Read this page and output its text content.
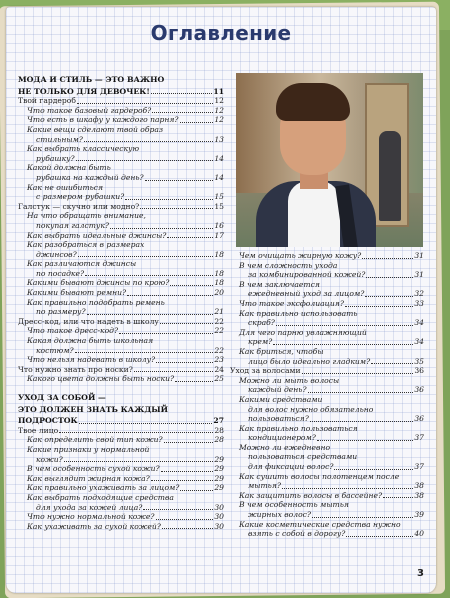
Оглавление
МОДА И СТИЛЬ — ЭТО ВАЖНО
НЕ ТОЛЬКО ДЛЯ ДЕВОЧЕК!	11
Твой гардероб	12
Что такое базовый гардероб?	12
Что есть в шкафу у каждого парня?	12
Какие вещи сделают твой образ
стильным?	13
Как выбрать классическую
рубашку?	14
Какой должна быть
рубашка на каждый день?	14
Как не ошибиться
с размером рубашки?	15
Галстук — скучно или модно?	15
На что обращать внимание,
покупая галстук?	16
Как выбрать идеальные джинсы?	17
Как разобраться в размерах
джинсов?	18
Как различаются джинсы
по посадке?	18
Какими бывают джинсы по крою?	18
Какими бывают ремни?	20
Как правильно подобрать ремень
по размеру?	21
Дресс-код, или что надеть в школу	22
Что такое дресс-код?	22
Какая должна быть школьная
костюм?	22
Что нельзя надевать в школу?	23
Что нужно знать про носки?	24
Какого цвета должны быть носки?	25
УХОД ЗА СОБОЙ —
ЭТО ДОЛЖЕН ЗНАТЬ КАЖДЫЙ
ПОДРОСТОК	27
Твое лицо	28
Как определить свой тип кожи?	28
Какие признаки у нормальной
кожи?	29
В чем особенность сухой кожи?	29
Как выглядит жирная кожа?	29
Как правильно ухаживать за лицом?	29
Как выбрать подходящие средства
для ухода за кожей лица?	30
Что нужно нормальной коже?	30
Как ухаживать за сухой кожей?	30
Чем очищать жирную кожу?	31
В чем сложность ухода
за комбинированной кожей?	31
В чем заключается
ежедневный уход за лицом?	32
Что такое эксфолиация?	33
Как правильно использовать
скраб?	34
Для чего парню увлажняющий
крем?	34
Как бриться, чтобы
лицо было идеально гладким?	35
Уход за волосами	36
Можно ли мыть волосы
каждый день?	36
Какими средствами
для волос нужно обязательно
пользоваться?	36
Как правильно пользоваться
кондиционером?	37
Можно ли ежедневно
пользоваться средствами
для фиксации волос?	37
Как сушить волосы полотенцем после
мытья?	38
Как защитить волосы в бассейне?	38
В чем особенность мытья
жирных волос?	39
Какие косметические средства нужно
взять с собой в дорогу?	40
3
